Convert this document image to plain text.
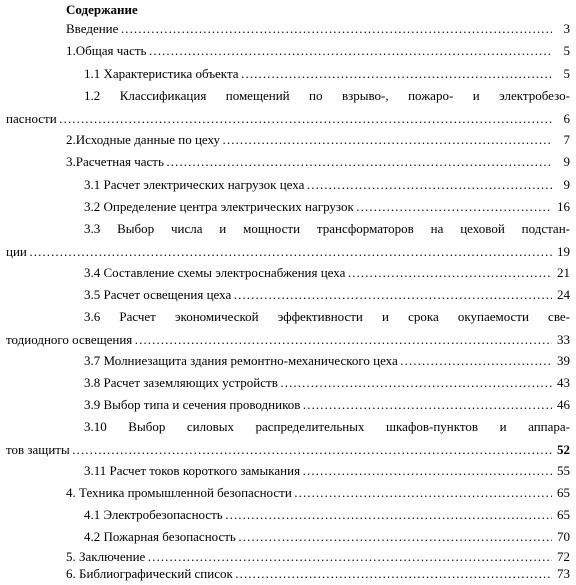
Содержание
Введение …………………………………………………………………………………………………………………………………………………………	3
1.Общая часть …………………………………………………………………………………………………………………………………………………………	5
1.1 Характеристика объекта …………………………………………………………………………………………………………………………………………………………	5
1.2 Классификация помещений по взрыво-, пожаро- и электробезо-
пасности …………………………………………………………………………………………………………………………………………………………	6
2.Исходные данные по цеху …………………………………………………………………………………………………………………………………………………………	7
3.Расчетная часть …………………………………………………………………………………………………………………………………………………………	9
3.1 Расчет электрических нагрузок цеха …………………………………………………………………………………………………………………………………………………………	9
3.2 Определение центра электрических нагрузок …………………………………………………………………………………………………………………………………………………………	16
3.3 Выбор числа и мощности трансформаторов на цеховой подстан-
ции …………………………………………………………………………………………………………………………………………………………	19
3.4 Составление схемы электроснабжения цеха …………………………………………………………………………………………………………………………………………………………	21
3.5 Расчет освещения цеха …………………………………………………………………………………………………………………………………………………………	24
3.6 Расчет экономической эффективности и срока окупаемости све-
тодиодного освещения …………………………………………………………………………………………………………………………………………………………	33
3.7 Молниезащита здания ремонтно-механического цеха …………………………………………………………………………………………………………………………………………………………	39
3.8 Расчет заземляющих устройств …………………………………………………………………………………………………………………………………………………………	43
3.9 Выбор типа и сечения проводников …………………………………………………………………………………………………………………………………………………………	46
3.10 Выбор силовых распределительных шкафов-пунктов и аппара-
тов защиты …………………………………………………………………………………………………………………………………………………………	52
3.11 Расчет токов короткого замыкания …………………………………………………………………………………………………………………………………………………………	55
4. Техника промышленной безопасности …………………………………………………………………………………………………………………………………………………………	65
4.1 Электробезопасность …………………………………………………………………………………………………………………………………………………………	65
4.2 Пожарная безопасность …………………………………………………………………………………………………………………………………………………………	70
5. Заключение …………………………………………………………………………………………………………………………………………………………	72
6. Библиографический список …………………………………………………………………………………………………………………………………………………………	73
